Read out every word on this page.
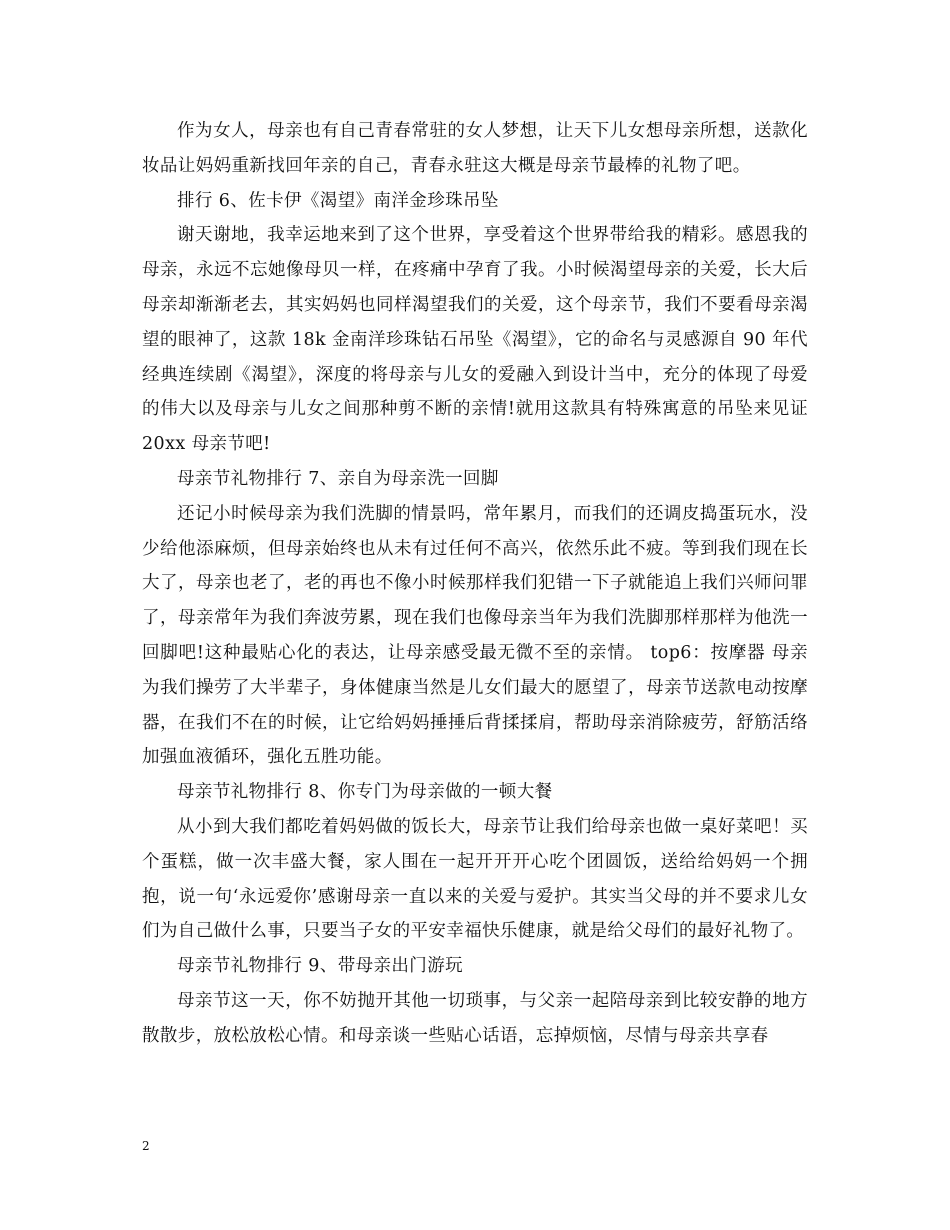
作为女人，母亲也有自己青春常驻的女人梦想，让天下儿女想母亲所想，送款化妆品让妈妈重新找回年亲的自己，青春永驻这大概是母亲节最棒的礼物了吧。

排行 6、佐卡伊《渴望》南洋金珍珠吊坠

谢天谢地，我幸运地来到了这个世界，享受着这个世界带给我的精彩。感恩我的母亲，永远不忘她像母贝一样，在疼痛中孕育了我。小时候渴望母亲的关爱，长大后母亲却渐渐老去，其实妈妈也同样渴望我们的关爱，这个母亲节，我们不要看母亲渴望的眼神了，这款 18k 金南洋珍珠钻石吊坠《渴望》，它的命名与灵感源自 90 年代经典连续剧《渴望》，深度的将母亲与儿女的爱融入到设计当中，充分的体现了母爱的伟大以及母亲与儿女之间那种剪不断的亲情!就用这款具有特殊寓意的吊坠来见证 20xx 母亲节吧!

母亲节礼物排行 7、亲自为母亲洗一回脚

还记小时候母亲为我们洗脚的情景吗，常年累月，而我们的还调皮捣蛋玩水，没少给他添麻烦，但母亲始终也从未有过任何不高兴，依然乐此不疲。等到我们现在长大了，母亲也老了，老的再也不像小时候那样我们犯错一下子就能追上我们兴师问罪了，母亲常年为我们奔波劳累，现在我们也像母亲当年为我们洗脚那样那样为他洗一回脚吧!这种最贴心化的表达，让母亲感受最无微不至的亲情。 top6：按摩器 母亲为我们操劳了大半辈子，身体健康当然是儿女们最大的愿望了，母亲节送款电动按摩器，在我们不在的时候，让它给妈妈捶捶后背揉揉肩，帮助母亲消除疲劳，舒筋活络加强血液循环，强化五胜功能。

母亲节礼物排行 8、你专门为母亲做的一顿大餐

从小到大我们都吃着妈妈做的饭长大，母亲节让我们给母亲也做一桌好菜吧！买个蛋糕，做一次丰盛大餐，家人围在一起开开开心吃个团圆饭，送给给妈妈一个拥抱，说一句‘永远爱你’感谢母亲一直以来的关爱与爱护。其实当父母的并不要求儿女们为自己做什么事，只要当子女的平安幸福快乐健康，就是给父母们的最好礼物了。

母亲节礼物排行 9、带母亲出门游玩

母亲节这一天，你不妨抛开其他一切琐事，与父亲一起陪母亲到比较安静的地方散散步，放松放松心情。和母亲谈一些贴心话语，忘掉烦恼，尽情与母亲共享春

2
